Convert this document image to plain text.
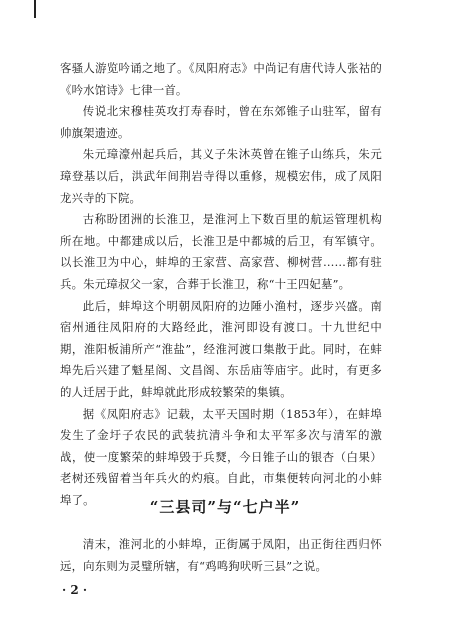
客骚人游览吟诵之地了。《凤阳府志》中尚记有唐代诗人张祜的《吟水馆诗》七律一首。

传说北宋穆桂英攻打寿春时，曾在东郊锥子山驻军，留有帅旗架遗迹。

朱元璋濠州起兵后，其义子朱沐英曾在锥子山练兵，朱元璋登基以后，洪武年间荆岩寺得以重修，规模宏伟，成了凤阳龙兴寺的下院。

古称盼团洲的长淮卫，是淮河上下数百里的航运管理机构所在地。中都建成以后，长淮卫是中都城的后卫，有军镇守。以长淮卫为中心，蚌埠的王家营、高家营、柳树营……都有驻兵。朱元璋叔父一家，合葬于长淮卫，称“十王四妃墓”。

此后，蚌埠这个明朝凤阳府的边陲小渔村，逐步兴盛。南宿州通往凤阳府的大路经此，淮河即设有渡口。十九世纪中期，淮阳板浦所产“淮盐”，经淮河渡口集散于此。同时，在蚌埠先后兴建了魁星阁、文昌阁、东岳庙等庙宇。此时，有更多的人迁居于此，蚌埠就此形成较繁荣的集镇。

据《凤阳府志》记载，太平天国时期（1853年），在蚌埠发生了金圩子农民的武装抗清斗争和太平军多次与清军的激战，使一度繁荣的蚌埠毁于兵燹，今日锥子山的银杏（白果）老树还残留着当年兵火的灼痕。自此，市集便转向河北的小蚌埠了。	“三县司”与“七户半”

清末，淮河北的小蚌埠，正街属于凤阳，出正街往西归怀远，向东则为灵璧所辖，有“鸡鸣狗吠听三县”之说。

· 2 ·
